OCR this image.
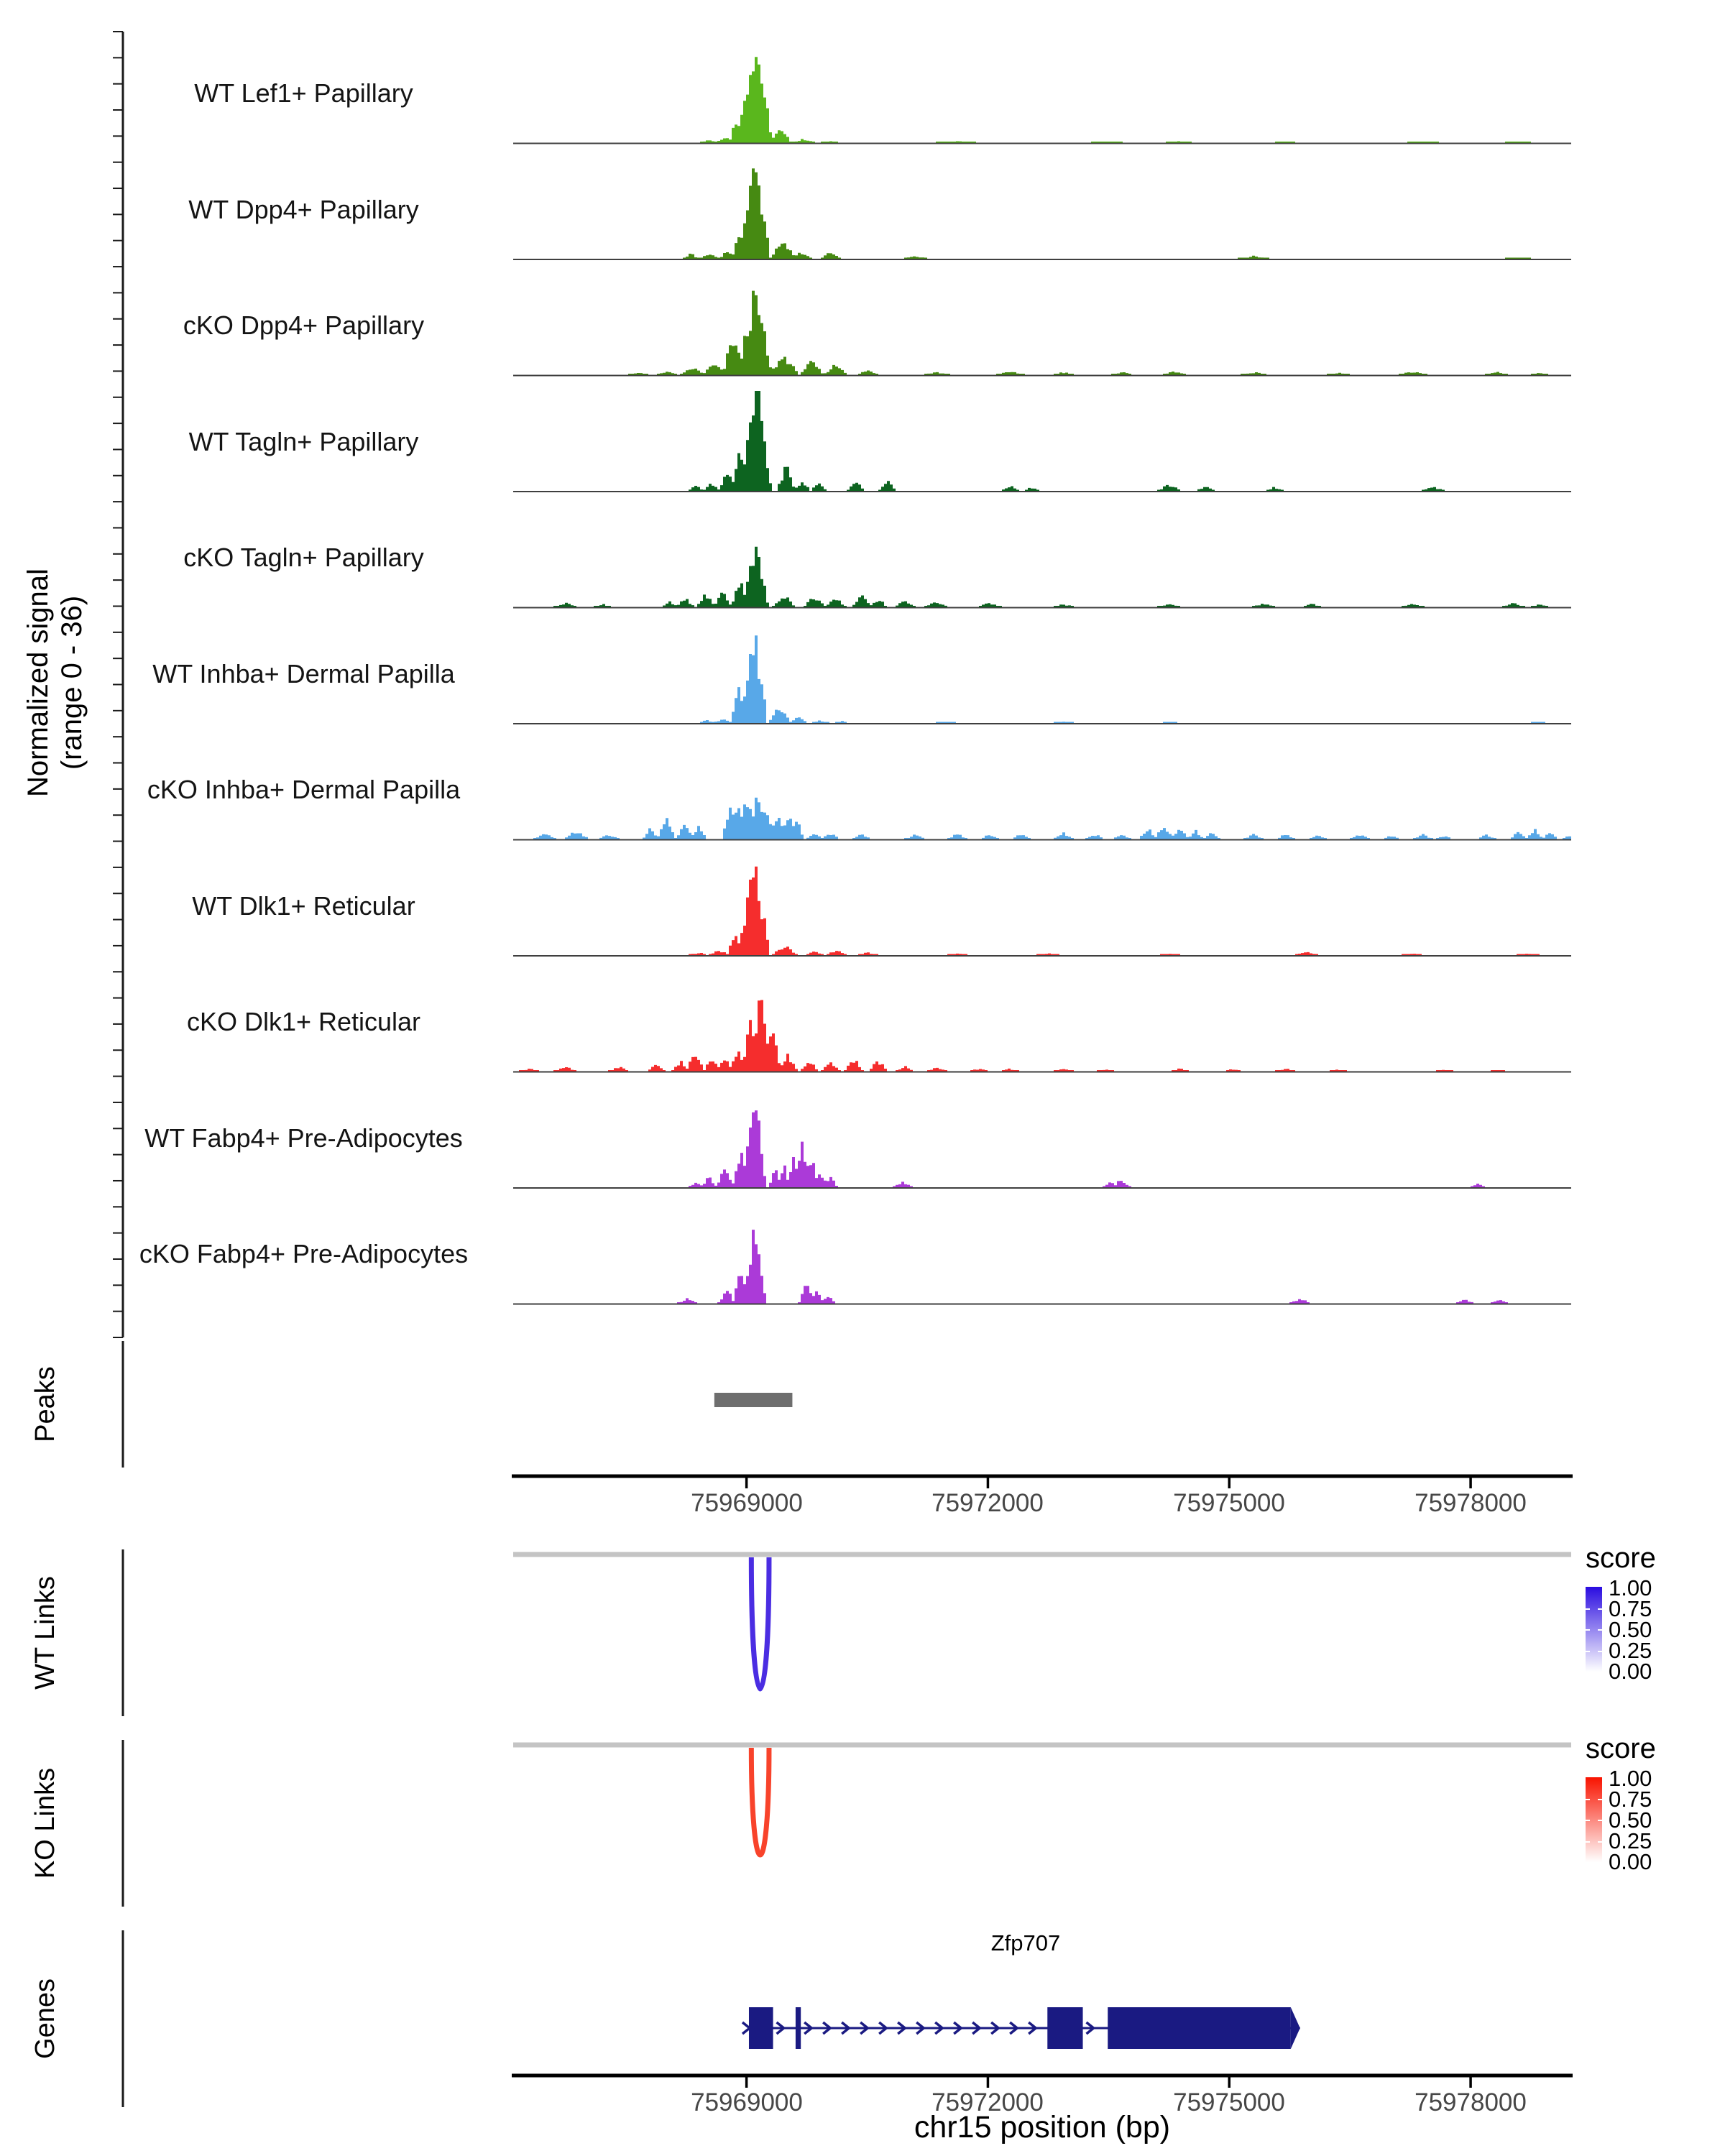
Normalized signal (range 0 - 36)
Peaks
WT Links
KO Links
Genes
WT Lef1+ Papillary
WT Dpp4+ Papillary
cKO Dpp4+ Papillary
WT Tagln+ Papillary
cKO Tagln+ Papillary
WT Inhba+ Dermal Papilla
cKO Inhba+ Dermal Papilla
WT Dlk1+ Reticular
cKO Dlk1+ Reticular
WT Fabp4+ Pre-Adipocytes
cKO Fabp4+ Pre-Adipocytes
75969000	75972000	75975000	75978000
score
1.00
0.75
0.50
0.25
0.00
score
1.00
0.75
0.50
0.25
0.00
Zfp707
75969000	75972000	75975000	75978000
chr15 position (bp)
